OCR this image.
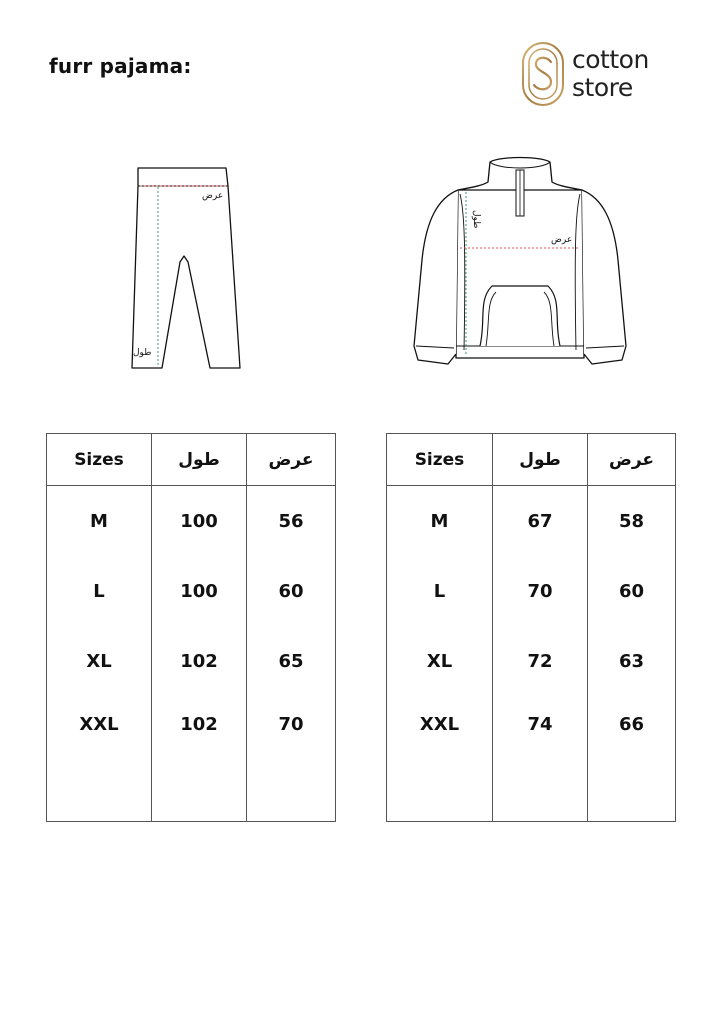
furr pajama:	cotton
store
عرض
طول
عرض
طول
Sizes	طول	عرض
M	100	56
L	100	60
XL	102	65
XXL	102	70
Sizes	طول	عرض
M	67	58
L	70	60
XL	72	63
XXL	74	66
